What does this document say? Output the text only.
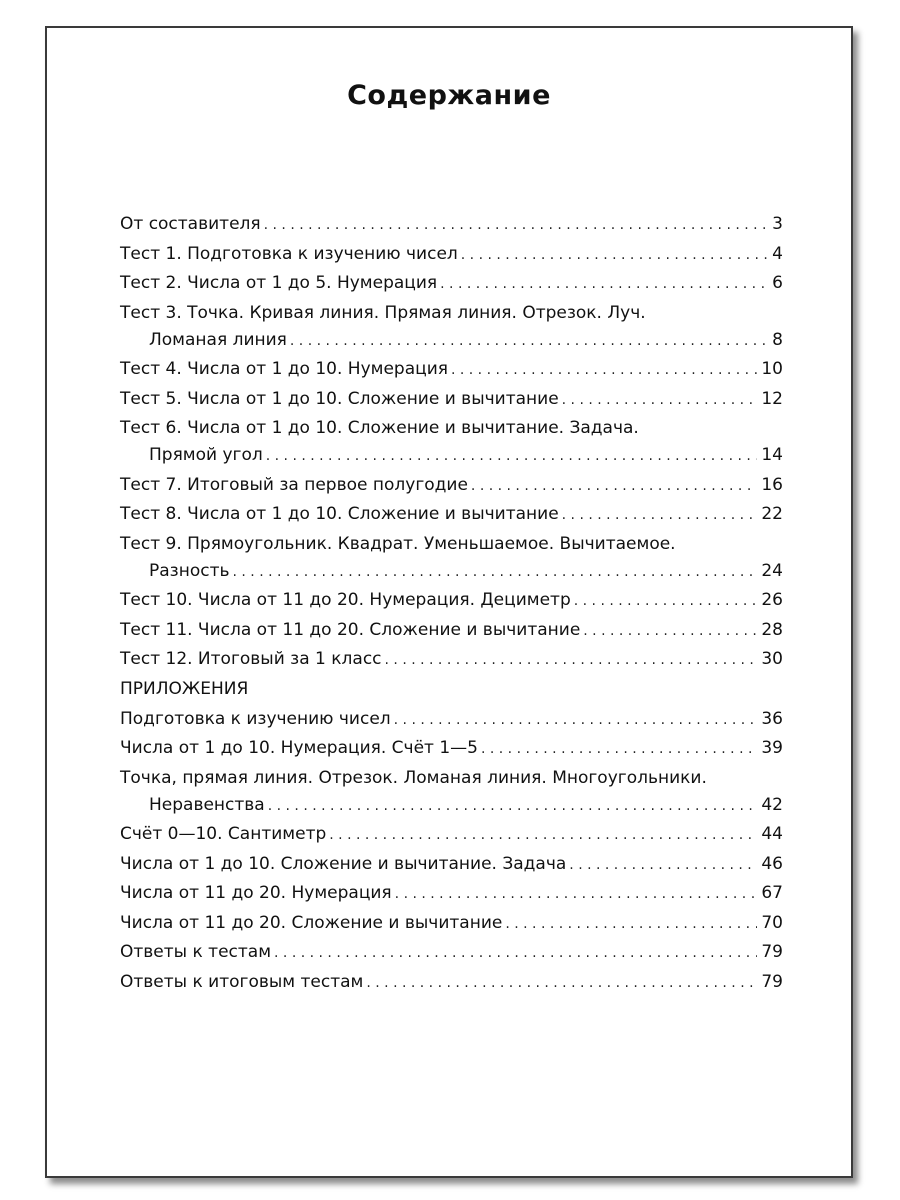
Содержание
От составителя . . .	3
Тест 1. Подготовка к изучению чисел . . .	4
Тест 2. Числа от 1 до 5. Нумерация . . .	6
Тест 3. Точка. Кривая линия. Прямая линия. Отрезок. Луч.
Ломаная линия . . .	8
Тест 4. Числа от 1 до 10. Нумерация . . .	10
Тест 5. Числа от 1 до 10. Сложение и вычитание . . .	12
Тест 6. Числа от 1 до 10. Сложение и вычитание. Задача.
Прямой угол . . .	14
Тест 7. Итоговый за первое полугодие . . .	16
Тест 8. Числа от 1 до 10. Сложение и вычитание . . .	22
Тест 9. Прямоугольник. Квадрат. Уменьшаемое. Вычитаемое.
Разность . . .	24
Тест 10. Числа от 11 до 20. Нумерация. Дециметр . . .	26
Тест 11. Числа от 11 до 20. Сложение и вычитание . . .	28
Тест 12. Итоговый за 1 класс . . .	30
ПРИЛОЖЕНИЯ
Подготовка к изучению чисел . . .	36
Числа от 1 до 10. Нумерация. Счёт 1—5 . . .	39
Точка, прямая линия. Отрезок. Ломаная линия. Многоугольники.
Неравенства . . .	42
Счёт 0—10. Сантиметр . . .	44
Числа от 1 до 10. Сложение и вычитание. Задача . . .	46
Числа от 11 до 20. Нумерация . . .	67
Числа от 11 до 20. Сложение и вычитание . . .	70
Ответы к тестам . . .	79
Ответы к итоговым тестам . . .	79
